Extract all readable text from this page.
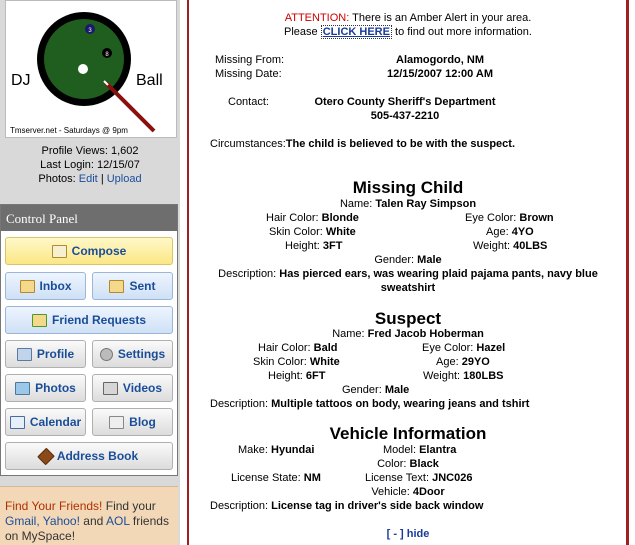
3
8
DJ	Ball
Tmserver.net - Saturdays @ 9pm
Profile Views: 1,602
Last Login: 12/15/07
Photos: Edit | Upload
Control Panel
Compose
Inbox	Sent
Friend Requests
Profile	Settings
Photos	Videos
Calendar	Blog
Address Book
Find Your Friends! Find your
Gmail, Yahoo! and AOL friends
on MySpace!
ATTENTION: There is an Amber Alert in your area.
Please CLICK HERE to find out more information.
Missing From:	Alamogordo, NM
Missing Date:	12/15/2007 12:00 AM
Contact:	Otero County Sheriff's Department
505-437-2210
Circumstances:The child is believed to be with the suspect.
Missing Child
Name: Talen Ray Simpson
Hair Color: Blonde	Eye Color: Brown
Skin Color: White	Age: 4YO
Height: 3FT	Weight: 40LBS
Gender: Male
Description: Has pierced ears, was wearing plaid pajama pants, navy blue
sweatshirt
Suspect
Name: Fred Jacob Hoberman
Hair Color: Bald	Eye Color: Hazel
Skin Color: White	Age: 29YO
Height: 6FT	Weight: 180LBS
Gender: Male
Description: Multiple tattoos on body, wearing jeans and tshirt
Vehicle Information
Make: Hyundai	Model: Elantra
Color: Black
License State: NM	License Text: JNC026
Vehicle: 4Door
Description: License tag in driver's side back window
[ - ] hide
